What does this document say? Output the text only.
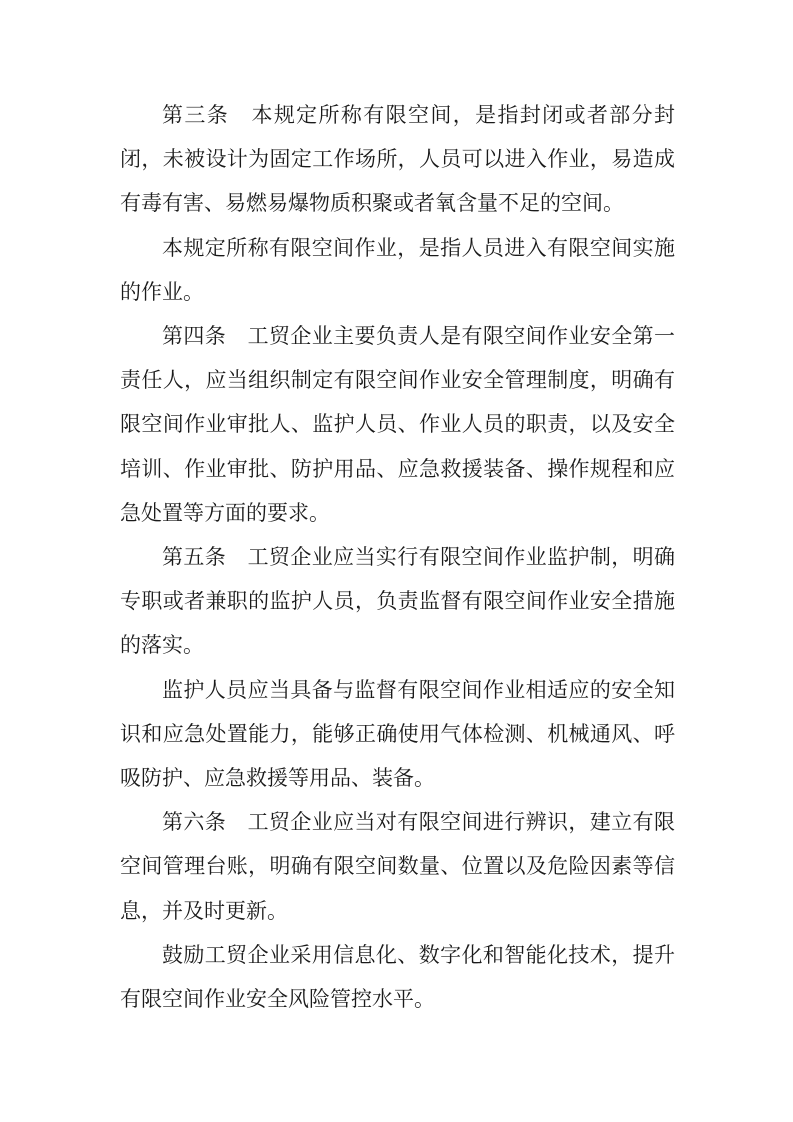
第三条　本规定所称有限空间，是指封闭或者部分封闭，未被设计为固定工作场所，人员可以进入作业，易造成有毒有害、易燃易爆物质积聚或者氧含量不足的空间。

本规定所称有限空间作业，是指人员进入有限空间实施的作业。

第四条　工贸企业主要负责人是有限空间作业安全第一责任人，应当组织制定有限空间作业安全管理制度，明确有限空间作业审批人、监护人员、作业人员的职责，以及安全培训、作业审批、防护用品、应急救援装备、操作规程和应急处置等方面的要求。

第五条　工贸企业应当实行有限空间作业监护制，明确专职或者兼职的监护人员，负责监督有限空间作业安全措施的落实。

监护人员应当具备与监督有限空间作业相适应的安全知识和应急处置能力，能够正确使用气体检测、机械通风、呼吸防护、应急救援等用品、装备。

第六条　工贸企业应当对有限空间进行辨识，建立有限空间管理台账，明确有限空间数量、位置以及危险因素等信息，并及时更新。

鼓励工贸企业采用信息化、数字化和智能化技术，提升有限空间作业安全风险管控水平。
